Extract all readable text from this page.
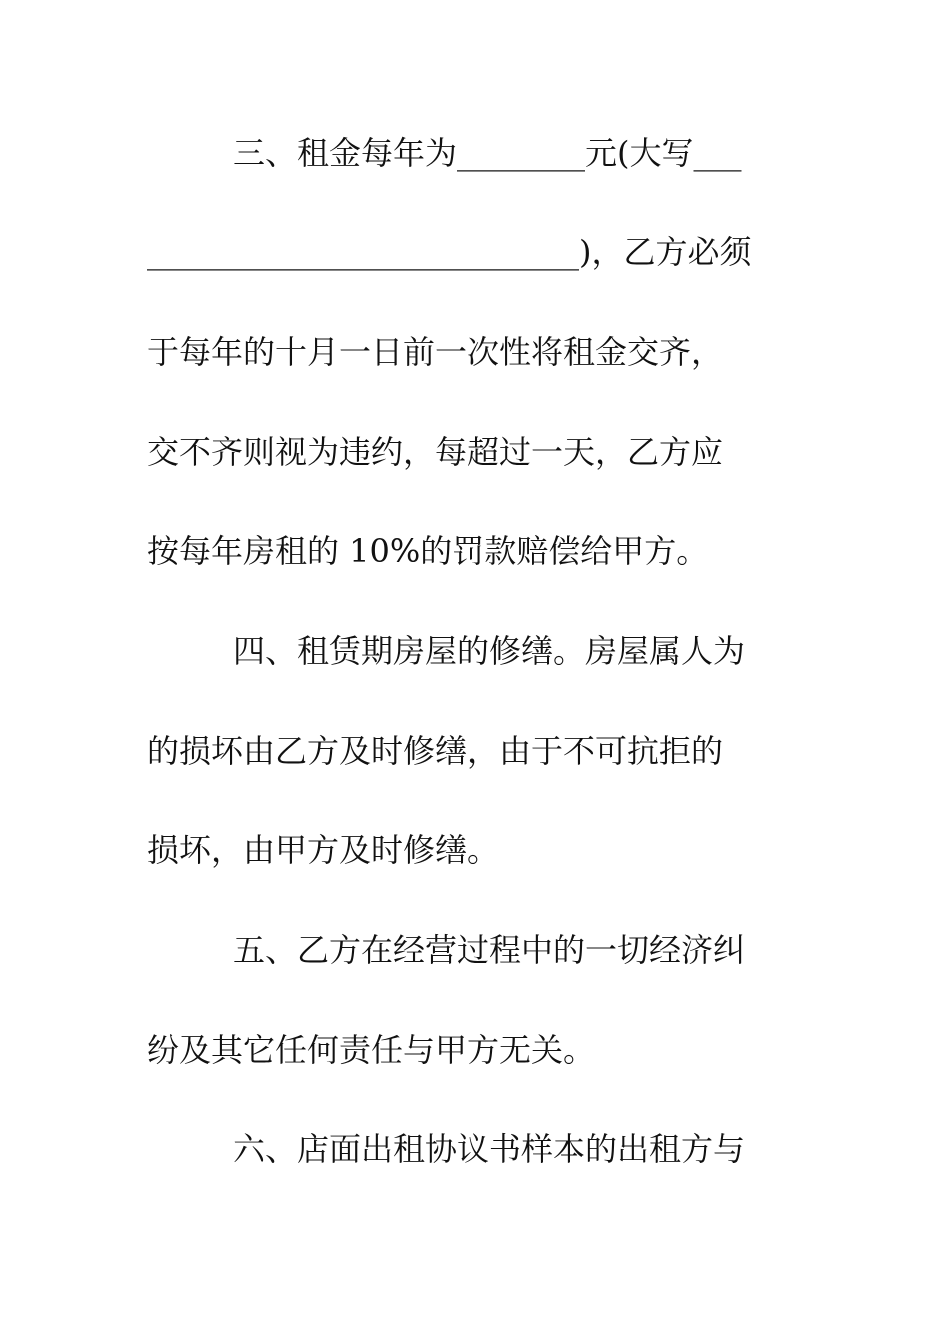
三、租金每年为________元(大写___
___________________________)，乙方必须
于每年的十月一日前一次性将租金交齐，
交不齐则视为违约，每超过一天，乙方应
按每年房租的 10%的罚款赔偿给甲方。
四、租赁期房屋的修缮。房屋属人为
的损坏由乙方及时修缮，由于不可抗拒的
损坏，由甲方及时修缮。
五、乙方在经营过程中的一切经济纠
纷及其它任何责任与甲方无关。
六、店面出租协议书样本的出租方与
